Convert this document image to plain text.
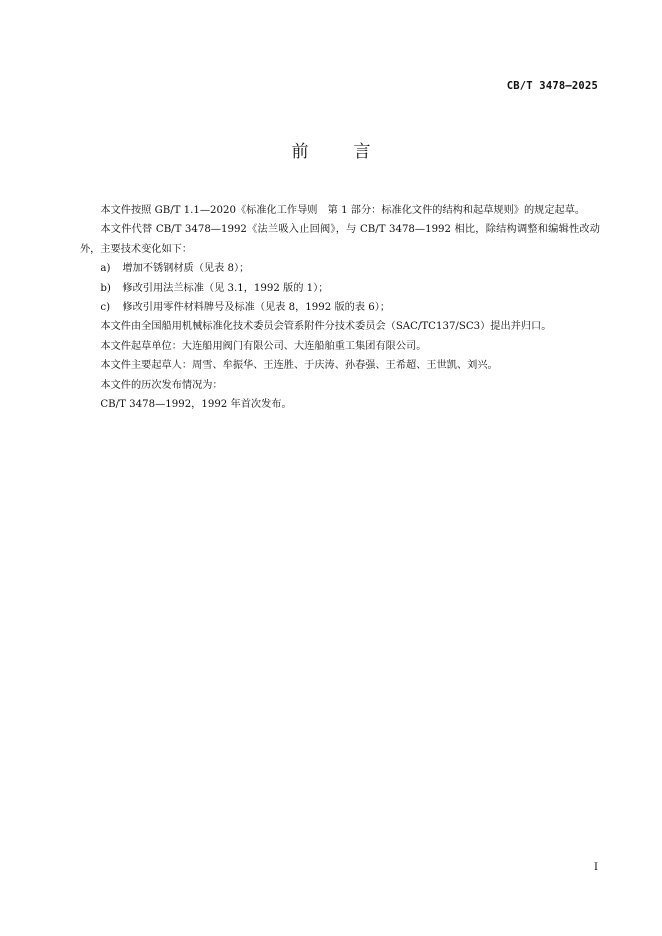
CB/T 3478—2025
前　言

本文件按照 GB/T 1.1—2020《标准化工作导则　第 1 部分：标准化文件的结构和起草规则》的规定起草。

本文件代替 CB/T 3478—1992《法兰吸入止回阀》，与 CB/T 3478—1992 相比，除结构调整和编辑性改动外，主要技术变化如下：

a) 增加不锈钢材质（见表 8）；

b) 修改引用法兰标准（见 3.1，1992 版的 1）；

c) 修改引用零件材料牌号及标准（见表 8，1992 版的表 6）；

本文件由全国船用机械标准化技术委员会管系附件分技术委员会（SAC/TC137/SC3）提出并归口。

本文件起草单位：大连船用阀门有限公司、大连船舶重工集团有限公司。

本文件主要起草人：周雪、牟振华、王连胜、于庆涛、孙春强、王希超、王世凯、刘兴。

本文件的历次发布情况为：

CB/T 3478—1992，1992 年首次发布。

I
